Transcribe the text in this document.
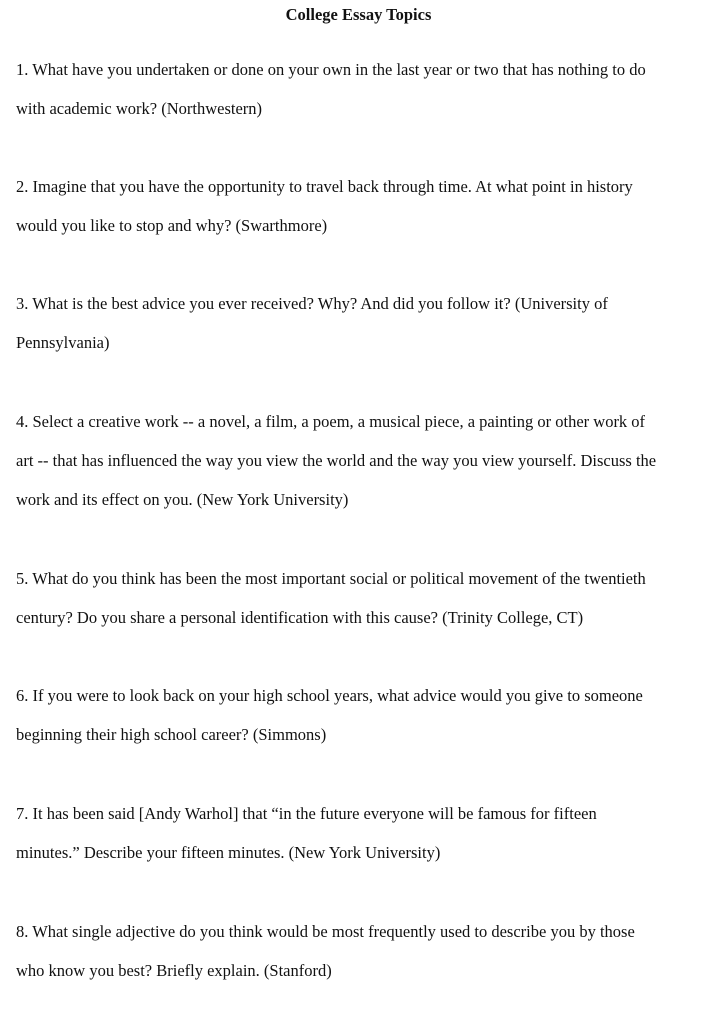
College Essay Topics

1. What have you undertaken or done on your own in the last year or two that has nothing to do
with academic work? (Northwestern)

2. Imagine that you have the opportunity to travel back through time. At what point in history
would you like to stop and why? (Swarthmore)

3. What is the best advice you ever received? Why? And did you follow it? (University of
Pennsylvania)

4. Select a creative work -- a novel, a film, a poem, a musical piece, a painting or other work of
art -- that has influenced the way you view the world and the way you view yourself. Discuss the
work and its effect on you. (New York University)

5. What do you think has been the most important social or political movement of the twentieth
century? Do you share a personal identification with this cause? (Trinity College, CT)

6. If you were to look back on your high school years, what advice would you give to someone
beginning their high school career? (Simmons)

7. It has been said [Andy Warhol] that “in the future everyone will be famous for fifteen
minutes.” Describe your fifteen minutes. (New York University)

8. What single adjective do you think would be most frequently used to describe you by those
who know you best? Briefly explain. (Stanford)
